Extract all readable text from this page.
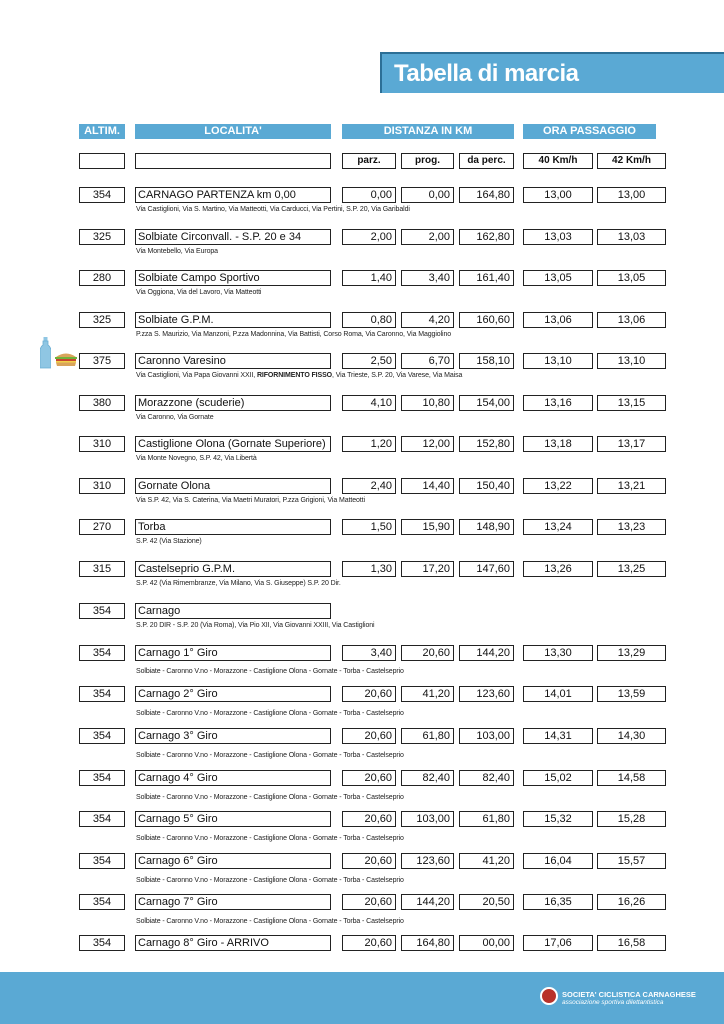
Tabella di marcia
ALTIM.	LOCALITA'	DISTANZA IN KM	ORA PASSAGGIO
parz.	prog.	da perc.	40 Km/h	42 Km/h
354	CARNAGO PARTENZA km 0,00	0,00	0,00	164,80	13,00	13,00
Via Castiglioni, Via S. Martino, Via Matteotti, Via Carducci, Via Pertini, S.P. 20, Via Garibaldi
325	Solbiate Circonvall. - S.P. 20 e 34	2,00	2,00	162,80	13,03	13,03
Via Montebello, Via Europa
280	Solbiate Campo Sportivo	1,40	3,40	161,40	13,05	13,05
Via Oggiona, Via del Lavoro, Via Matteotti
325	Solbiate G.P.M.	0,80	4,20	160,60	13,06	13,06
P.zza S. Maurizio, Via Manzoni, P.zza Madonnina, Via Battisti, Corso Roma, Via Caronno, Via Maggiolino
375	Caronno Varesino	2,50	6,70	158,10	13,10	13,10
Via Castiglioni, Via Papa Giovanni XXII, RIFORNIMENTO FISSO, Via Trieste, S.P. 20, Via Varese, Via Maisa
380	Morazzone (scuderie)	4,10	10,80	154,00	13,16	13,15
Via Caronno, Via Gornate
310	Castiglione Olona (Gornate Superiore)	1,20	12,00	152,80	13,18	13,17
Via Monte Novegno, S.P. 42, Via Libertà
310	Gornate Olona	2,40	14,40	150,40	13,22	13,21
Via S.P. 42, Via S. Caterina, Via Maetri Muratori, P.zza Grigioni, Via Matteotti
270	Torba	1,50	15,90	148,90	13,24	13,23
S.P. 42 (Via Stazione)
315	Castelseprio G.P.M.	1,30	17,20	147,60	13,26	13,25
S.P. 42 (Via Rimembranze, Via Milano, Via S. Giuseppe) S.P. 20 Dir.
354	Carnago
S.P. 20 DIR - S.P. 20 (Via Roma), Via Pio XII, Via Giovanni XXIII, Via Castiglioni
354	Carnago 1° Giro	3,40	20,60	144,20	13,30	13,29
Solbiate - Caronno V.no - Morazzone - Castiglione Olona - Gornate - Torba - Castelseprio
354	Carnago 2° Giro	20,60	41,20	123,60	14,01	13,59
Solbiate - Caronno V.no - Morazzone - Castiglione Olona - Gornate - Torba - Castelseprio
354	Carnago 3° Giro	20,60	61,80	103,00	14,31	14,30
Solbiate - Caronno V.no - Morazzone - Castiglione Olona - Gornate - Torba - Castelseprio
354	Carnago 4° Giro	20,60	82,40	82,40	15,02	14,58
Solbiate - Caronno V.no - Morazzone - Castiglione Olona - Gornate - Torba - Castelseprio
354	Carnago 5° Giro	20,60	103,00	61,80	15,32	15,28
Solbiate - Caronno V.no - Morazzone - Castiglione Olona - Gornate - Torba - Castelseprio
354	Carnago 6° Giro	20,60	123,60	41,20	16,04	15,57
Solbiate - Caronno V.no - Morazzone - Castiglione Olona - Gornate - Torba - Castelseprio
354	Carnago 7° Giro	20,60	144,20	20,50	16,35	16,26
Solbiate - Caronno V.no - Morazzone - Castiglione Olona - Gornate - Torba - Castelseprio
354	Carnago 8° Giro - ARRIVO	20,60	164,80	00,00	17,06	16,58
SOCIETA' CICLISTICA CARNAGHESE
associazione sportiva dilettantistica
